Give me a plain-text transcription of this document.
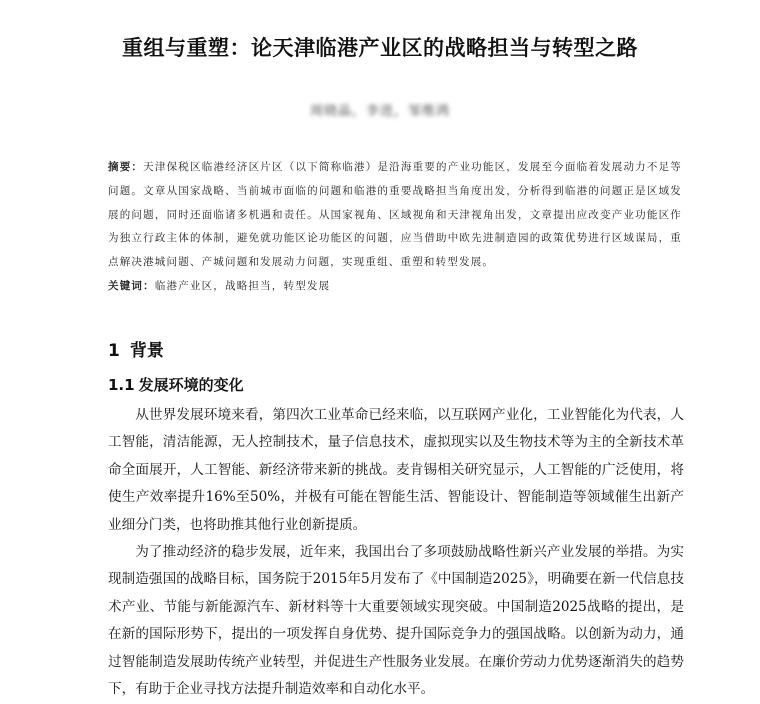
重组与重塑：论天津临港产业区的战略担当与转型之路
周晓晶，李进，邹维鸿
摘要：天津保税区临港经济区片区（以下简称临港）是沿海重要的产业功能区，发展至今面临着发展动力不足等问题。文章从国家战略、当前城市面临的问题和临港的重要战略担当角度出发，分析得到临港的问题正是区域发展的问题，同时还面临诸多机遇和责任。从国家视角、区域视角和天津视角出发，文章提出应改变产业功能区作为独立行政主体的体制，避免就功能区论功能区的问题，应当借助中欧先进制造园的政策优势进行区域谋局，重点解决港城问题、产城问题和发展动力问题，实现重组、重塑和转型发展。
关键词：临港产业区，战略担当，转型发展
1 背景
1.1 发展环境的变化
从世界发展环境来看，第四次工业革命已经来临，以互联网产业化，工业智能化为代表，人工智能，清洁能源，无人控制技术，量子信息技术，虚拟现实以及生物技术等为主的全新技术革命全面展开，人工智能、新经济带来新的挑战。麦肯锡相关研究显示，人工智能的广泛使用，将使生产效率提升16%至50%，并极有可能在智能生活、智能设计、智能制造等领域催生出新产业细分门类，也将助推其他行业创新提质。
为了推动经济的稳步发展，近年来，我国出台了多项鼓励战略性新兴产业发展的举措。为实现制造强国的战略目标，国务院于2015年5月发布了《中国制造2025》，明确要在新一代信息技术产业、节能与新能源汽车、新材料等十大重要领域实现突破。中国制造2025战略的提出，是在新的国际形势下，提出的一项发挥自身优势、提升国际竞争力的强国战略。以创新为动力，通过智能制造发展助传统产业转型，并促进生产性服务业发展。在廉价劳动力优势逐渐消失的趋势下，有助于企业寻找方法提升制造效率和自动化水平。
